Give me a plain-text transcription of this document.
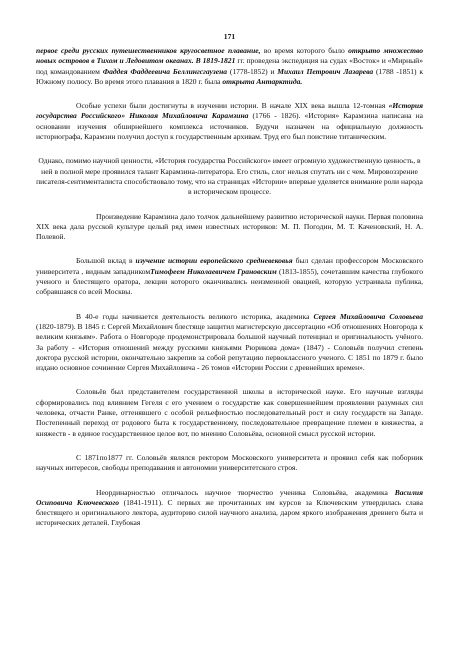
171

первое среди русских путешественников кругосветное плавание, во время которого было открыто множество новых островов в Тихом и Ледовитом океанах. В 1819-1821 гг. проведена экспедиция на судах «Восток» и «Мирный» под командованием Фаддея Фаддеевича Беллингсгаузена (1778-1852) и Михаил Петрович Лазарева (1788 -1851) к Южному полюсу. Во время этого плавания в 1820 г. была открыта Антарктида.

Особые успехи были достигнуты в изучении истории. В начале XIX века вышла 12-томная «История государства Российского» Николая Михайловича Карамзина (1766 - 1826). «История» Карамзина написана на основании изучения обширнейшего комплекса источников. Будучи назначен на официальную должность историографа, Карамзин получил доступ к государственным архивам. Труд его был поистине титаническим.

Однако, помимо научной ценности, «История государства Российского» имеет огромную художественную ценность, в ней в полной мере проявился талант Карамзина-литератора. Его стиль, слог нельзя спутать ни с чем. Мировоззрение писателя-сентименталиста способствовало тому, что на страницах «Истории» впервые уделяется внимание роли народа в историческом процессе.

Произведение Карамзина дало толчок дальнейшему развитию исторической науки. Первая половина XIX века дала русской культуре целый ряд имен известных историков: М. П. Погодин, М. Т. Каченовский, Н. А. Полевой.

Большой вклад в изучение истории европейского средневековья был сделан профессором Московского университета , видным западникомТимофеем Николаевичем Грановским (1813-1855), сочетавшим качества глубокого ученого и блестящего оратора, лекции которого оканчивались неизменной овацией, которую устраивала публика, собравшаяся со всей Москвы.

В 40-е годы начинается деятельность великого историка, академика Сергея Михайловича Соловьева (1820-1879). В 1845 г. Сергей Михайлович блестяще защитил магистерскую диссертацию «Об отношениях Новгорода к великим князьям». Работа о Новгороде продемонстрировала большой научный потенциал и оригинальность учёного. За работу - «История отношений между русскими князьями Рюрикова дома» (1847) - Соловьёв получил степень доктора русской истории, окончательно закрепив за собой репутацию первоклассного ученого. С 1851 по 1879 г. было издано основное сочинение Сергея Михайловича - 26 томов «Истории России с древнейших времен».

Соловьёв был представителем государственной школы в исторической науке. Его научные взгляды сформировались под влиянием Гегеля с его учением о государстве как совершеннейшем проявлении разумных сил человека, отчасти Ранке, оттенявшего с особой рельефностью последовательный рост и силу государств на Западе. Постепенный переход от родового быта к государственному, последовательное превращение племен в княжества, а княжеств - в единое государственное целое вот, по мнению Соловьёва, основной смысл русской истории.

С 1871по1877 гг. Соловьёв являлся ректором Московского университета и проявил себя как поборник научных интересов, свободы преподавания и автономии университетского строя.

Неординарностью отличалось научное творчество ученика Соловьёва, академика Василия Осиповича Ключевского (1841-1911). С первых же прочитанных им курсов за Ключевским утвердилась слава блестящего и оригинального лектора, аудиторию силой научного анализа, даром яркого изображения древнего быта и исторических деталей. Глубокая
